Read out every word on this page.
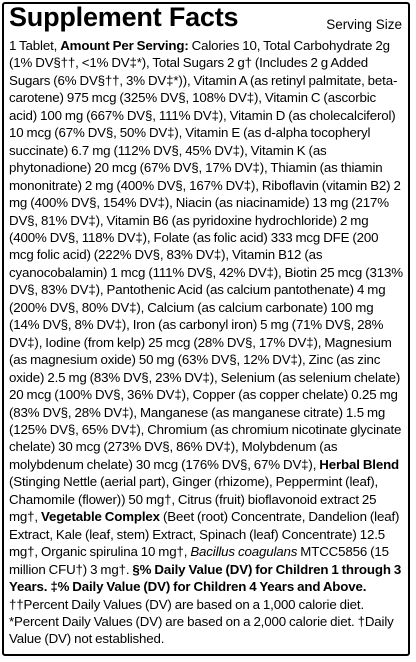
Supplement Facts	Serving Size
1 Tablet, Amount Per Serving: Calories 10, Total Carbohydrate 2g (1% DV§††, <1% DV‡*), Total Sugars 2 g† (Includes 2 g Added Sugars (6% DV§††, 3% DV‡*)), Vitamin A (as retinyl palmitate, beta-carotene) 975 mcg (325% DV§, 108% DV‡), Vitamin C (ascorbic acid) 100 mg (667% DV§, 111% DV‡), Vitamin D (as cholecalciferol) 10 mcg (67% DV§, 50% DV‡), Vitamin E (as d-alpha tocopheryl succinate) 6.7 mg (112% DV§, 45% DV‡), Vitamin K (as phytonadione) 20 mcg (67% DV§, 17% DV‡), Thiamin (as thiamin mononitrate) 2 mg (400% DV§, 167% DV‡), Riboflavin (vitamin B2) 2 mg (400% DV§, 154% DV‡), Niacin (as niacinamide) 13 mg (217% DV§, 81% DV‡), Vitamin B6 (as pyridoxine hydrochloride) 2 mg (400% DV§, 118% DV‡), Folate (as folic acid) 333 mcg DFE (200 mcg folic acid) (222% DV§, 83% DV‡), Vitamin B12 (as cyanocobalamin) 1 mcg (111% DV§, 42% DV‡), Biotin 25 mcg (313% DV§, 83% DV‡), Pantothenic Acid (as calcium pantothenate) 4 mg (200% DV§, 80% DV‡), Calcium (as calcium carbonate) 100 mg (14% DV§, 8% DV‡), Iron (as carbonyl iron) 5 mg (71% DV§, 28% DV‡), Iodine (from kelp) 25 mcg (28% DV§, 17% DV‡), Magnesium (as magnesium oxide) 50 mg (63% DV§, 12% DV‡), Zinc (as zinc oxide) 2.5 mg (83% DV§, 23% DV‡), Selenium (as selenium chelate) 20 mcg (100% DV§, 36% DV‡), Copper (as copper chelate) 0.25 mg (83% DV§, 28% DV‡), Manganese (as manganese citrate) 1.5 mg (125% DV§, 65% DV‡), Chromium (as chromium nicotinate glycinate chelate) 30 mcg (273% DV§, 86% DV‡), Molybdenum (as molybdenum chelate) 30 mcg (176% DV§, 67% DV‡), Herbal Blend (Stinging Nettle (aerial part), Ginger (rhizome), Peppermint (leaf), Chamomile (flower)) 50 mg†, Citrus (fruit) bioflavonoid extract 25 mg†, Vegetable Complex (Beet (root) Concentrate, Dandelion (leaf) Extract, Kale (leaf, stem) Extract, Spinach (leaf) Concentrate) 12.5 mg†, Organic spirulina 10 mg†, Bacillus coagulans MTCC5856 (15 million CFU†) 3 mg†. §% Daily Value (DV) for Children 1 through 3 Years. ‡% Daily Value (DV) for Children 4 Years and Above. ††Percent Daily Values (DV) are based on a 1,000 calorie diet. *Percent Daily Values (DV) are based on a 2,000 calorie diet. †Daily Value (DV) not established.
